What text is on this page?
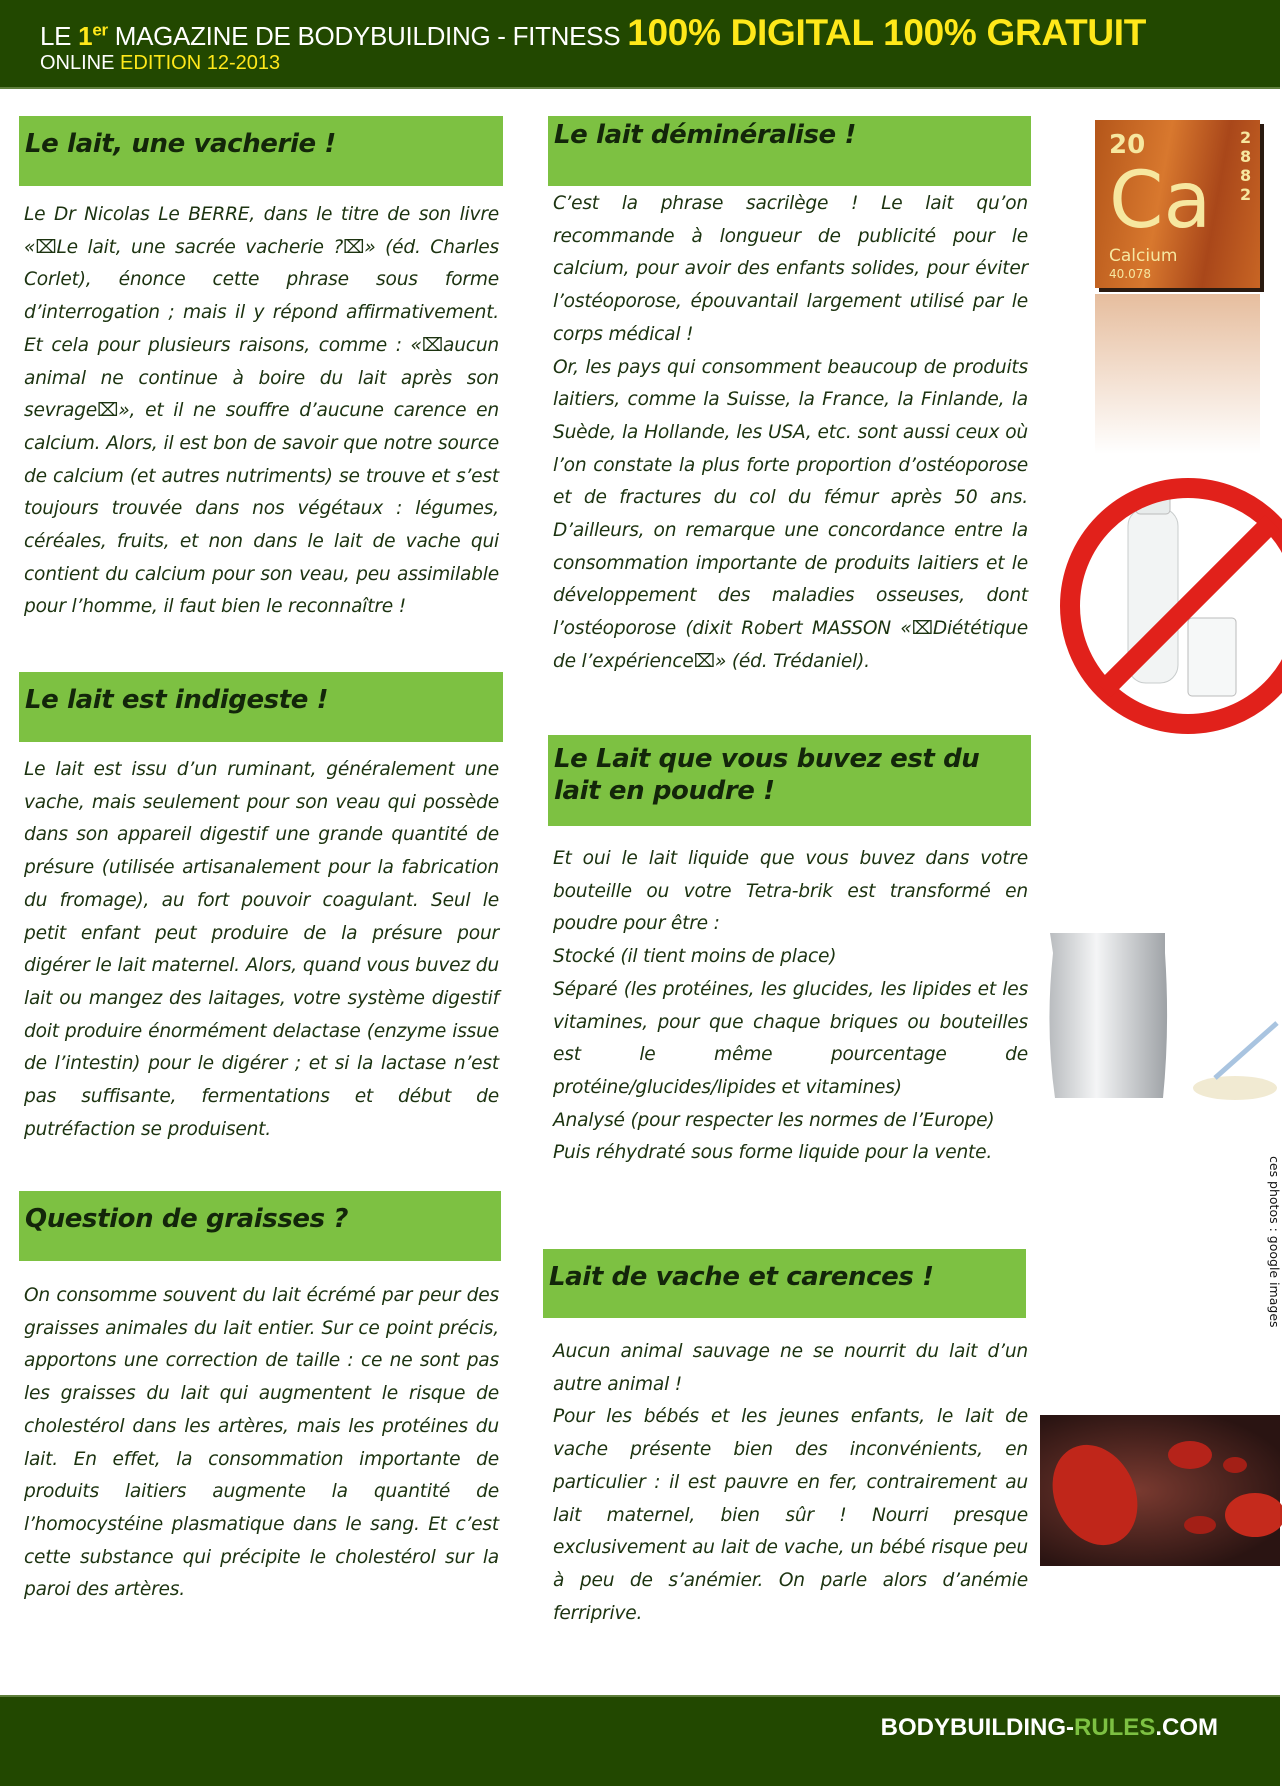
LE 1er MAGAZINE DE BODYBUILDING - FITNESS 100% DIGITAL 100% GRATUIT
ONLINE EDITION 12-2013
Le lait, une vacherie !

Le Dr Nicolas Le BERRE, dans le titre de son livre «⌧Le lait, une sacrée vacherie ?⌧» (éd. Charles Corlet), énonce cette phrase sous forme d’interrogation ; mais il y répond affirmativement. Et cela pour plusieurs raisons, comme : «⌧aucun animal ne continue à boire du lait après son sevrage⌧», et il ne souffre d’aucune carence en calcium. Alors, il est bon de savoir que notre source de calcium (et autres nutriments) se trouve et s’est toujours trouvée dans nos végétaux : légumes, céréales, fruits, et non dans le lait de vache qui contient du calcium pour son veau, peu assimilable pour l’homme, il faut bien le reconnaître !

Le lait est indigeste !

Le lait est issu d’un ruminant, généralement une vache, mais seulement pour son veau qui possède dans son appareil digestif une grande quantité de présure (utilisée artisanalement pour la fabrication du fromage), au fort pouvoir coagulant. Seul le petit enfant peut produire de la présure pour digérer le lait maternel. Alors, quand vous buvez du lait ou mangez des laitages, votre système digestif doit produire énormément delactase (enzyme issue de l’intestin) pour le digérer ; et si la lactase n’est pas suffisante, fermentations et début de putréfaction se produisent.

Question de graisses ?

On consomme souvent du lait écrémé par peur des graisses animales du lait entier. Sur ce point précis, apportons une correction de taille : ce ne sont pas les graisses du lait qui augmentent le risque de cholestérol dans les artères, mais les protéines du lait. En effet, la consommation importante de produits laitiers augmente la quantité de l’homocystéine plasmatique dans le sang. Et c’est cette substance qui précipite le cholestérol sur la paroi des artères.

Le lait déminéralise !

C’est la phrase sacrilège ! Le lait qu’on recommande à longueur de publicité pour le calcium, pour avoir des enfants solides, pour éviter l’ostéoporose, épouvantail largement utilisé par le corps médical !

Or, les pays qui consomment beaucoup de produits laitiers, comme la Suisse, la France, la Finlande, la Suède, la Hollande, les USA, etc. sont aussi ceux où l’on constate la plus forte proportion d’ostéoporose et de fractures du col du fémur après 50 ans. D’ailleurs, on remarque une concordance entre la consommation importante de produits laitiers et le développement des maladies osseuses, dont l’ostéoporose (dixit Robert MASSON «⌧Diététique de l’expérience⌧» (éd. Trédaniel).

Le Lait que vous buvez est du lait en poudre !

Et oui le lait liquide que vous buvez dans votre bouteille ou votre Tetra-brik est transformé en poudre pour être :

Stocké (il tient moins de place)

Séparé (les protéines, les glucides, les lipides et les vitamines, pour que chaque briques ou bouteilles est le même pourcentage de protéine/glucides/lipides et vitamines)

Analysé (pour respecter les normes de l’Europe)

Puis réhydraté sous forme liquide pour la vente.

Lait de vache et carences !

Aucun animal sauvage ne se nourrit du lait d’un autre animal !

Pour les bébés et les jeunes enfants, le lait de vache présente bien des inconvénients, en particulier : il est pauvre en fer, contrairement au lait maternel, bien sûr ! Nourri presque exclusivement au lait de vache, un bébé risque peu à peu de s’anémier. On parle alors d’anémie ferriprive.

20	2
8
8
2
Ca
Calcium
40.078
ces photos : google images
BODYBUILDING-RULES.COM
